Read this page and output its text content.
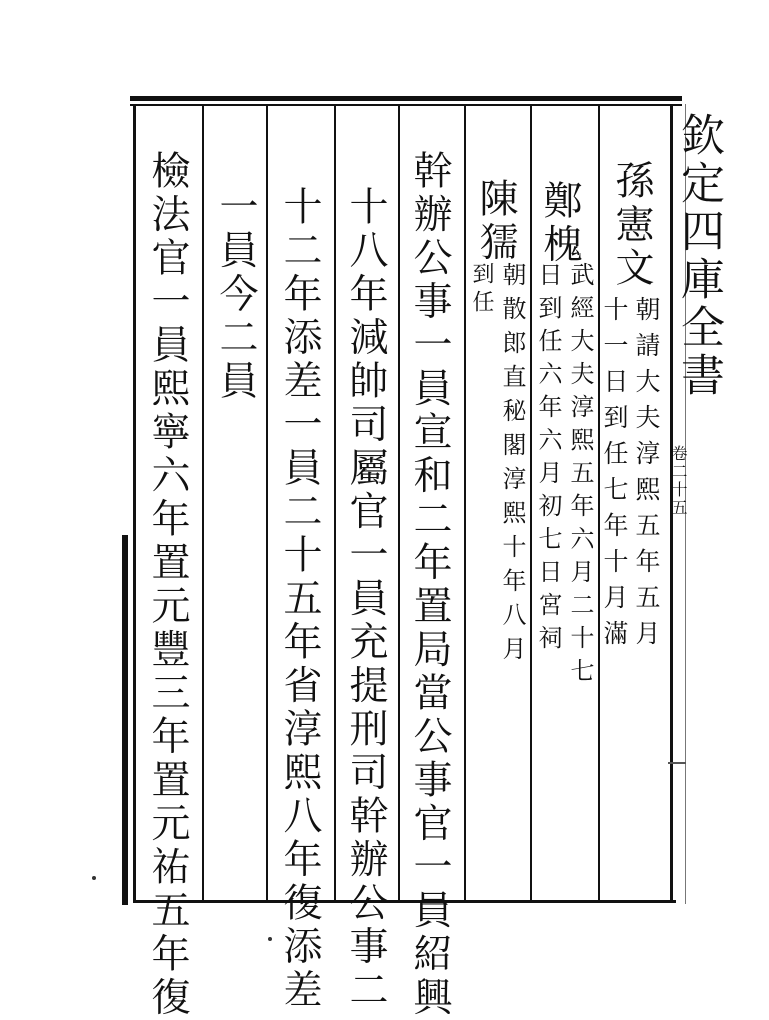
欽定四庫全書
卷二十五
孫憲文
朝請大夫淳熙五年五月
十一日到任七年十月滿
鄭槐
武經大夫淳熙五年六月二十七
日到任六年六月初七日宮祠
陳獳
到任 朝散郎直秘閣淳熙十年八月
幹辦公事一員宣和二年置局當公事官一員紹興
十八年減帥司屬官一員充提刑司幹辦公事二
十二年添差一員二十五年省淳熙八年復添差
一員今二員
檢法官一員熙寧六年置元豐三年置元祐五年復
